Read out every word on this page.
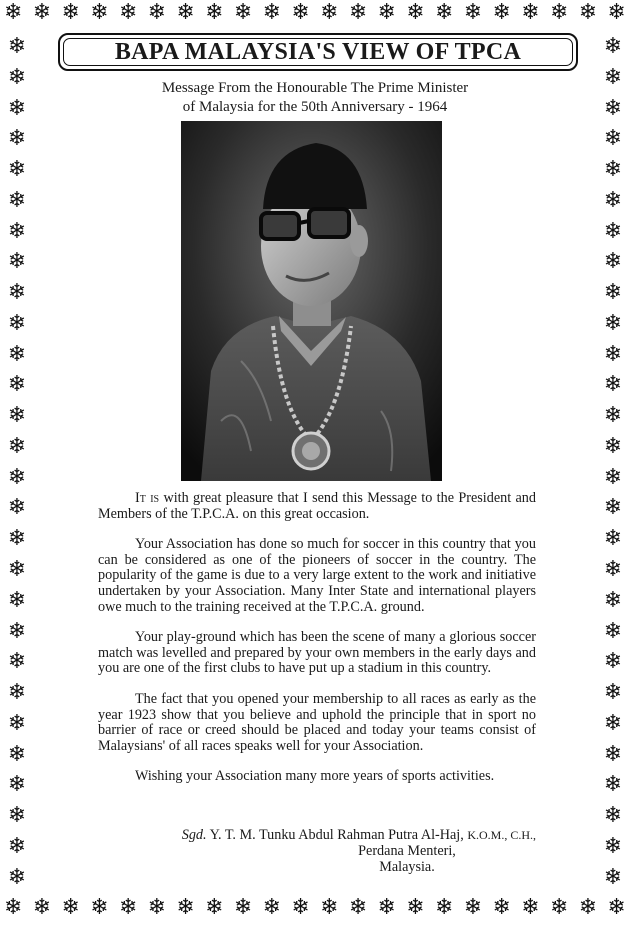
❄ ❄ ❄ ❄ ❄ ❄ ❄ ❄ ❄ ❄ ❄ ❄ ❄ ❄ ❄ ❄ ❄ ❄ ❄ ❄ ❄ ❄
❄ ❄ ❄ ❄ ❄ ❄ ❄ ❄ ❄ ❄ ❄ ❄ ❄ ❄ ❄ ❄ ❄ ❄ ❄ ❄ ❄ ❄
❄
❄
❄
❄
❄
❄
❄
❄
❄
❄
❄
❄
❄
❄
❄
❄
❄
❄
❄
❄
❄
❄
❄
❄
❄
❄
❄
❄
❄
❄
❄
❄
❄
❄
❄
❄
❄
❄
❄
❄
❄
❄
❄
❄
❄
❄
❄
❄
❄
❄
❄
❄
❄
❄
❄
❄
BAPA MALAYSIA'S VIEW OF TPCA
Message From the Honourable The Prime Minister
of Malaysia for the 50th Anniversary - 1964

It is with great pleasure that I send this Message to the President and Members of the T.P.C.A. on this great occasion.

Your Association has done so much for soccer in this country that you can be considered as one of the pioneers of soccer in the country. The popularity of the game is due to a very large extent to the work and initiative undertaken by your Association. Many Inter State and international players owe much to the training received at the T.P.C.A. ground.

Your play-ground which has been the scene of many a glorious soccer match was levelled and prepared by your own members in the early days and you are one of the first clubs to have put up a stadium in this country.

The fact that you opened your membership to all races as early as the year 1923 show that you believe and uphold the principle that in sport no barrier of race or creed should be placed and today your teams consist of Malaysians' of all races speaks well for your Association.

Wishing your Association many more years of sports activities.

Sgd. Y. T. M. Tunku Abdul Rahman Putra Al-Haj, K.O.M., C.H.,
Perdana Menteri,
Malaysia.
